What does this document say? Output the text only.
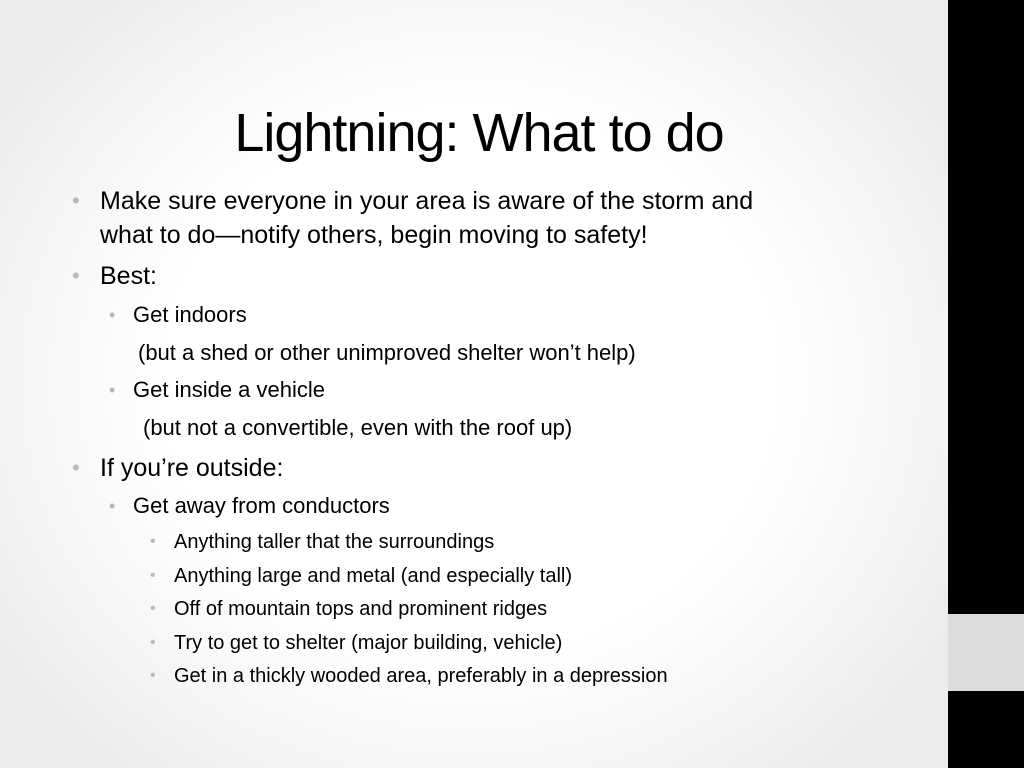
Lightning: What to do
• Make sure everyone in your area is aware of the storm and
what to do—notify others, begin moving to safety!
• Best:
• Get indoors
(but a shed or other unimproved shelter won’t help)
• Get inside a vehicle
(but not a convertible, even with the roof up)
• If you’re outside:
• Get away from conductors
• Anything taller that the surroundings
• Anything large and metal (and especially tall)
• Off of mountain tops and prominent ridges
• Try to get to shelter (major building, vehicle)
• Get in a thickly wooded area, preferably in a depression
